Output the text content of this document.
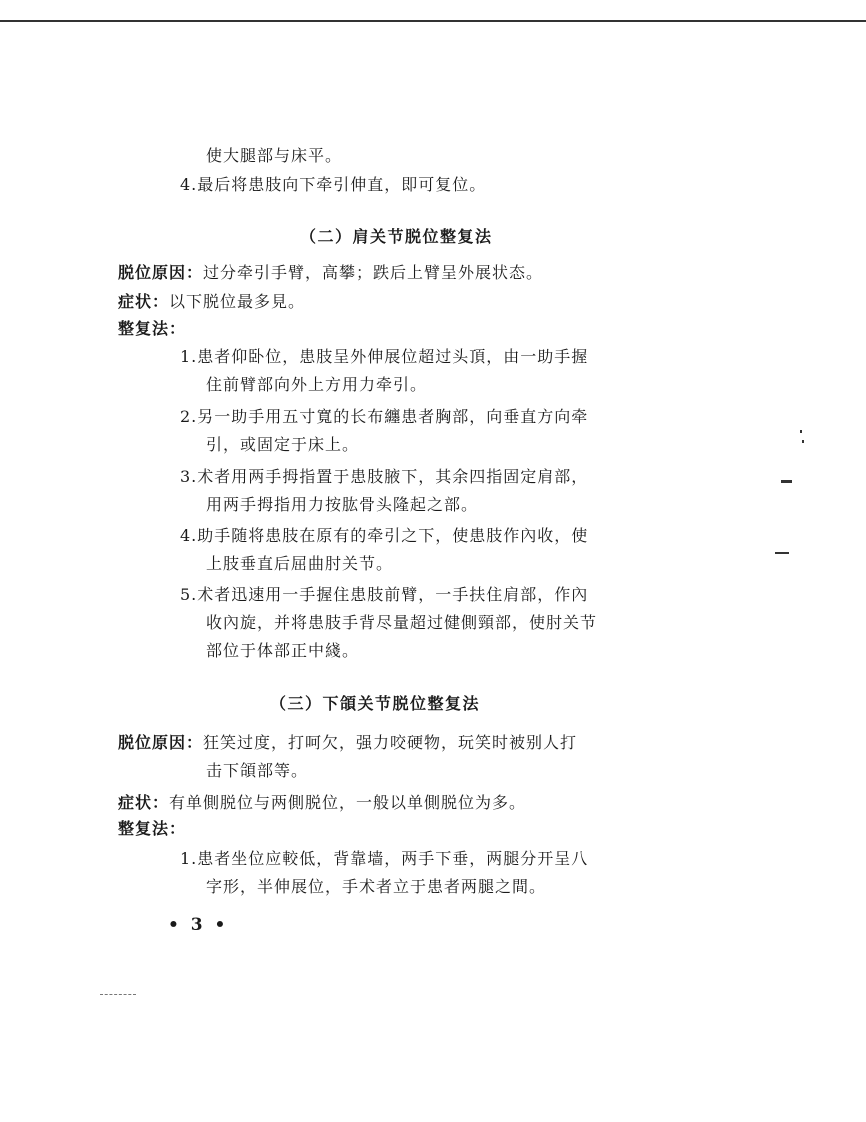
使大腿部与床平。
4.最后将患肢向下牵引伸直，即可复位。
（二）肩关节脱位整复法
脱位原因：过分牵引手臂，高攀；跌后上臂呈外展状态。
症状：以下脱位最多見。
整复法：
1.患者仰卧位，患肢呈外伸展位超过头頂，由一助手握
住前臂部向外上方用力牵引。
2.另一助手用五寸寬的长布纏患者胸部，向垂直方向牵
引，或固定于床上。
3.术者用两手拇指置于患肢腋下，其余四指固定肩部，
用两手拇指用力按肱骨头隆起之部。
4.助手随将患肢在原有的牵引之下，使患肢作內收，使
上肢垂直后屈曲肘关节。
5.术者迅速用一手握住患肢前臂，一手扶住肩部，作內
收內旋，并将患肢手背尽量超过健側頸部，使肘关节
部位于体部正中綫。
（三）下頜关节脱位整复法
脱位原因：狂笑过度，打呵欠，强力咬硬物，玩笑时被别人打
击下頜部等。
症状：有单側脱位与两側脱位，一般以单側脱位为多。
整复法：
1.患者坐位应較低，背靠墙，两手下垂，两腿分开呈八
字形，半伸展位，手术者立于患者两腿之間。
• 3 •
